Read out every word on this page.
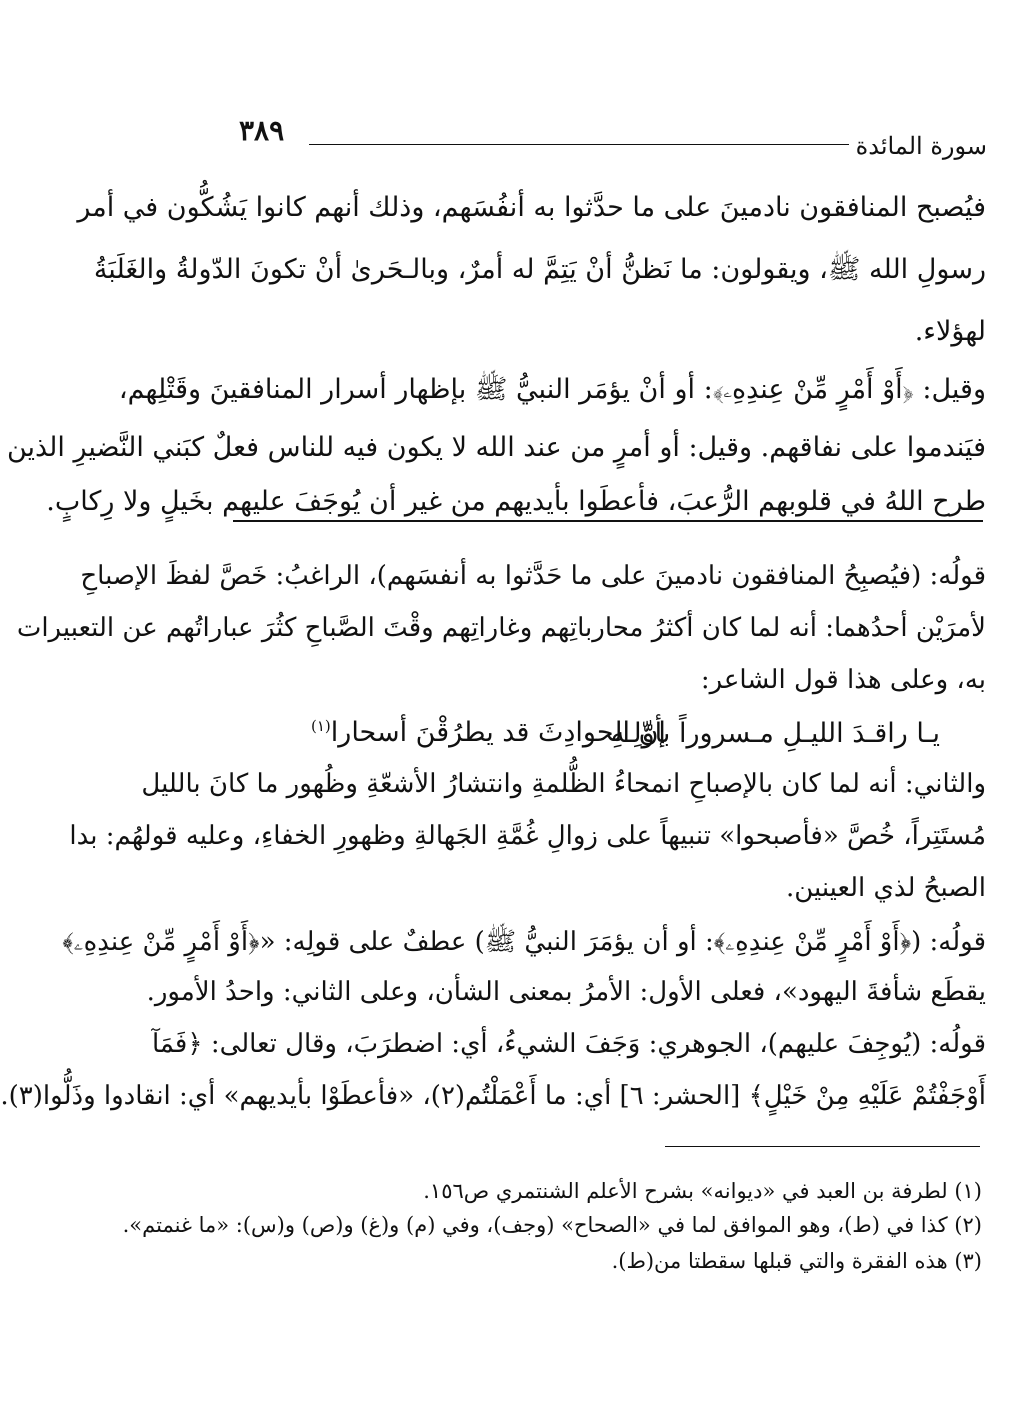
٣٨٩	سورة المائدة
فيُصبح المنافقون نادمينَ على ما حدَّثوا به أنفُسَهم، وذلك أنهم كانوا يَشُكُّون في أمر
رسولِ الله ﷺ، ويقولون: ما نَظنُّ أنْ يَتِمَّ له أمرٌ، وبالـحَرىٰ أنْ تكونَ الدّولةُ والغَلَبَةُ
لهؤلاء.
وقيل: ﴿أَوْ أَمْرٍ مِّنْ عِندِهِۦ﴾: أو أنْ يؤمَر النبيُّ ﷺ بإظهار أسرار المنافقينَ وقَتْلِهم،
فيَندموا على نفاقهم. وقيل: أو أمرٍ من عند الله لا يكون فيه للناس فعلٌ كبَني النَّضيرِ الذين
طرح اللهُ في قلوبهم الرُّعبَ، فأعطَوا بأيديهم من غير أن يُوجَفَ عليهم بخَيلٍ ولا رِكابٍ.
قولُه: (فيُصبِحُ المنافقون نادمينَ على ما حَدَّثوا به أنفسَهم)، الراغبُ: خَصَّ لفظَ الإصباحِ
لأمرَيْن أحدُهما: أنه لما كان أكثرُ محارباتِهم وغاراتِهم وقْتَ الصَّباحِ كثُرَ عباراتُهم عن التعبيرات
به، وعلى هذا قول الشاعر:
يـا راقـدَ الليـلِ مـسروراً بأوّلِـهِ
إنّ الحوادِثَ قد يطرُقْنَ أسحارا$^{(١)}$
والثاني: أنه لما كان بالإصباحِ انمحاءُ الظُّلمةِ وانتشارُ الأشعّةِ وظُهور ما كانَ بالليل
مُستَتِراً، خُصَّ «فأصبحوا» تنبيهاً على زوالِ غُمَّةِ الجَهالةِ وظهورِ الخفاءِ، وعليه قولهُم: بدا
الصبحُ لذي العينين.
قولُه: (﴿أَوْ أَمْرٍ مِّنْ عِندِهِۦ﴾: أو أن يؤمَرَ النبيُّ ﷺ) عطفٌ على قولِه: «﴿أَوْ أَمْرٍ مِّنْ عِندِهِۦ﴾
يقطَع شأفةَ اليهود»، فعلى الأول: الأمرُ بمعنى الشأن، وعلى الثاني: واحدُ الأمور.
قولُه: (يُوجِفَ عليهم)، الجوهري: وَجَفَ الشيءُ، أي: اضطرَبَ، وقال تعالى: ﴿فَمَآ
أَوْجَفْتُمْ عَلَيْهِ مِنْ خَيْلٍ﴾ [الحشر: ٦] أي: ما أَعْمَلْتُم(٢)، «فأعطَوْا بأيديهم» أي: انقادوا وذَلُّوا(٣).
(١) لطرفة بن العبد في «ديوانه» بشرح الأعلم الشنتمري ص١٥٦.
(٢) كذا في (ط)، وهو الموافق لما في «الصحاح» (وجف)، وفي (م) و(غ) و(ص) و(س): «ما غنمتم».
(٣) هذه الفقرة والتي قبلها سقطتا من(ط).
